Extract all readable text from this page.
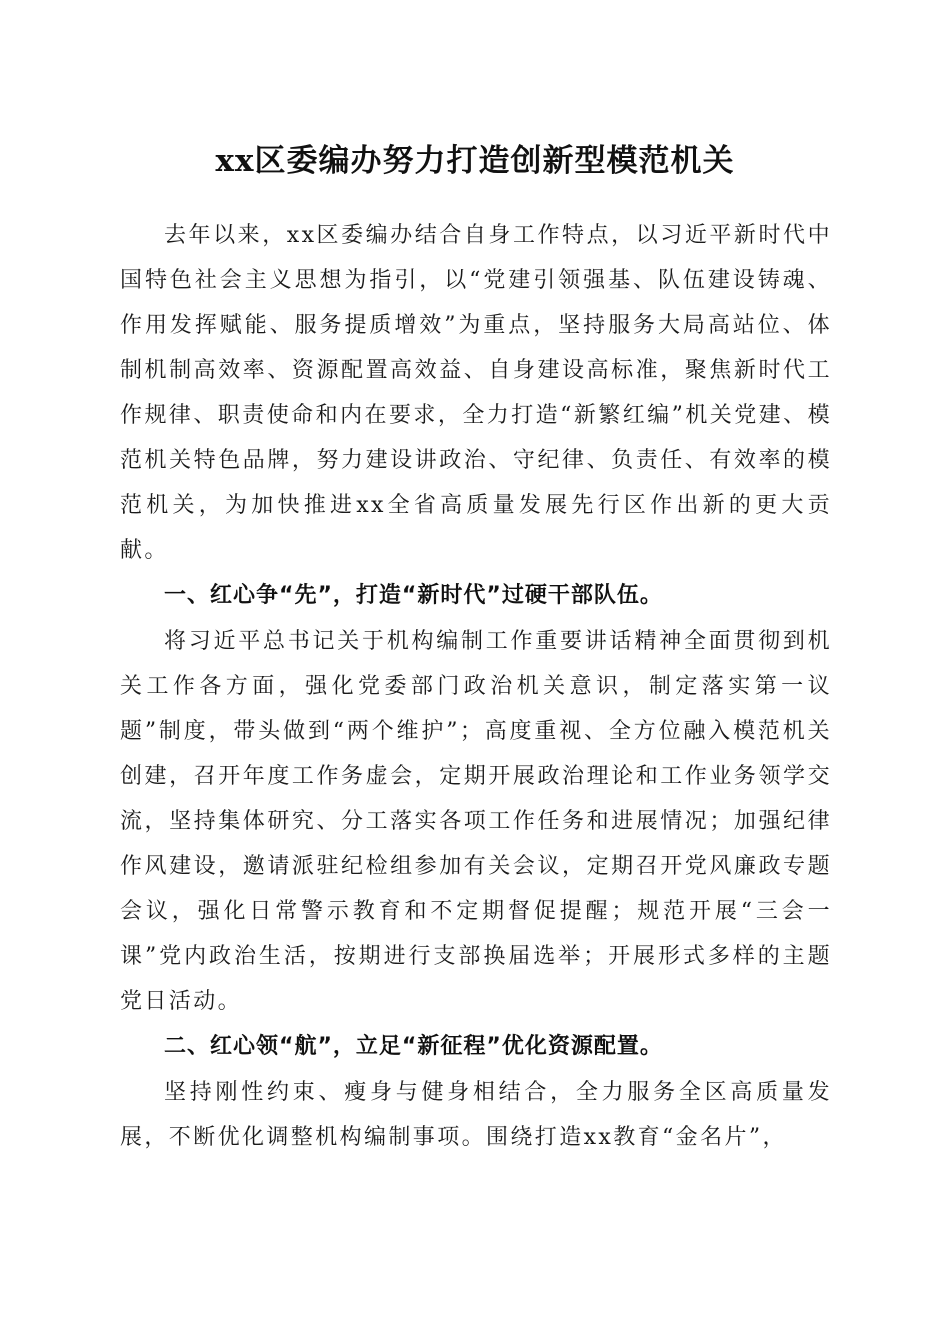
xx区委编办努力打造创新型模范机关

去年以来，xx区委编办结合自身工作特点，以习近平新时代中国特色社会主义思想为指引，以“党建引领强基、队伍建设铸魂、作用发挥赋能、服务提质增效”为重点，坚持服务大局高站位、体制机制高效率、资源配置高效益、自身建设高标准，聚焦新时代工作规律、职责使命和内在要求，全力打造“新繁红编”机关党建、模范机关特色品牌，努力建设讲政治、守纪律、负责任、有效率的模范机关，为加快推进xx全省高质量发展先行区作出新的更大贡献。

一、红心争“先”，打造“新时代”过硬干部队伍。

将习近平总书记关于机构编制工作重要讲话精神全面贯彻到机关工作各方面，强化党委部门政治机关意识，制定落实第一议题”制度，带头做到“两个维护”；高度重视、全方位融入模范机关创建，召开年度工作务虚会，定期开展政治理论和工作业务领学交流，坚持集体研究、分工落实各项工作任务和进展情况；加强纪律作风建设，邀请派驻纪检组参加有关会议，定期召开党风廉政专题会议，强化日常警示教育和不定期督促提醒；规范开展“三会一课”党内政治生活，按期进行支部换届选举；开展形式多样的主题党日活动。

二、红心领“航”，立足“新征程”优化资源配置。

坚持刚性约束、瘦身与健身相结合，全力服务全区高质量发展，不断优化调整机构编制事项。围绕打造xx教育“金名片”，
